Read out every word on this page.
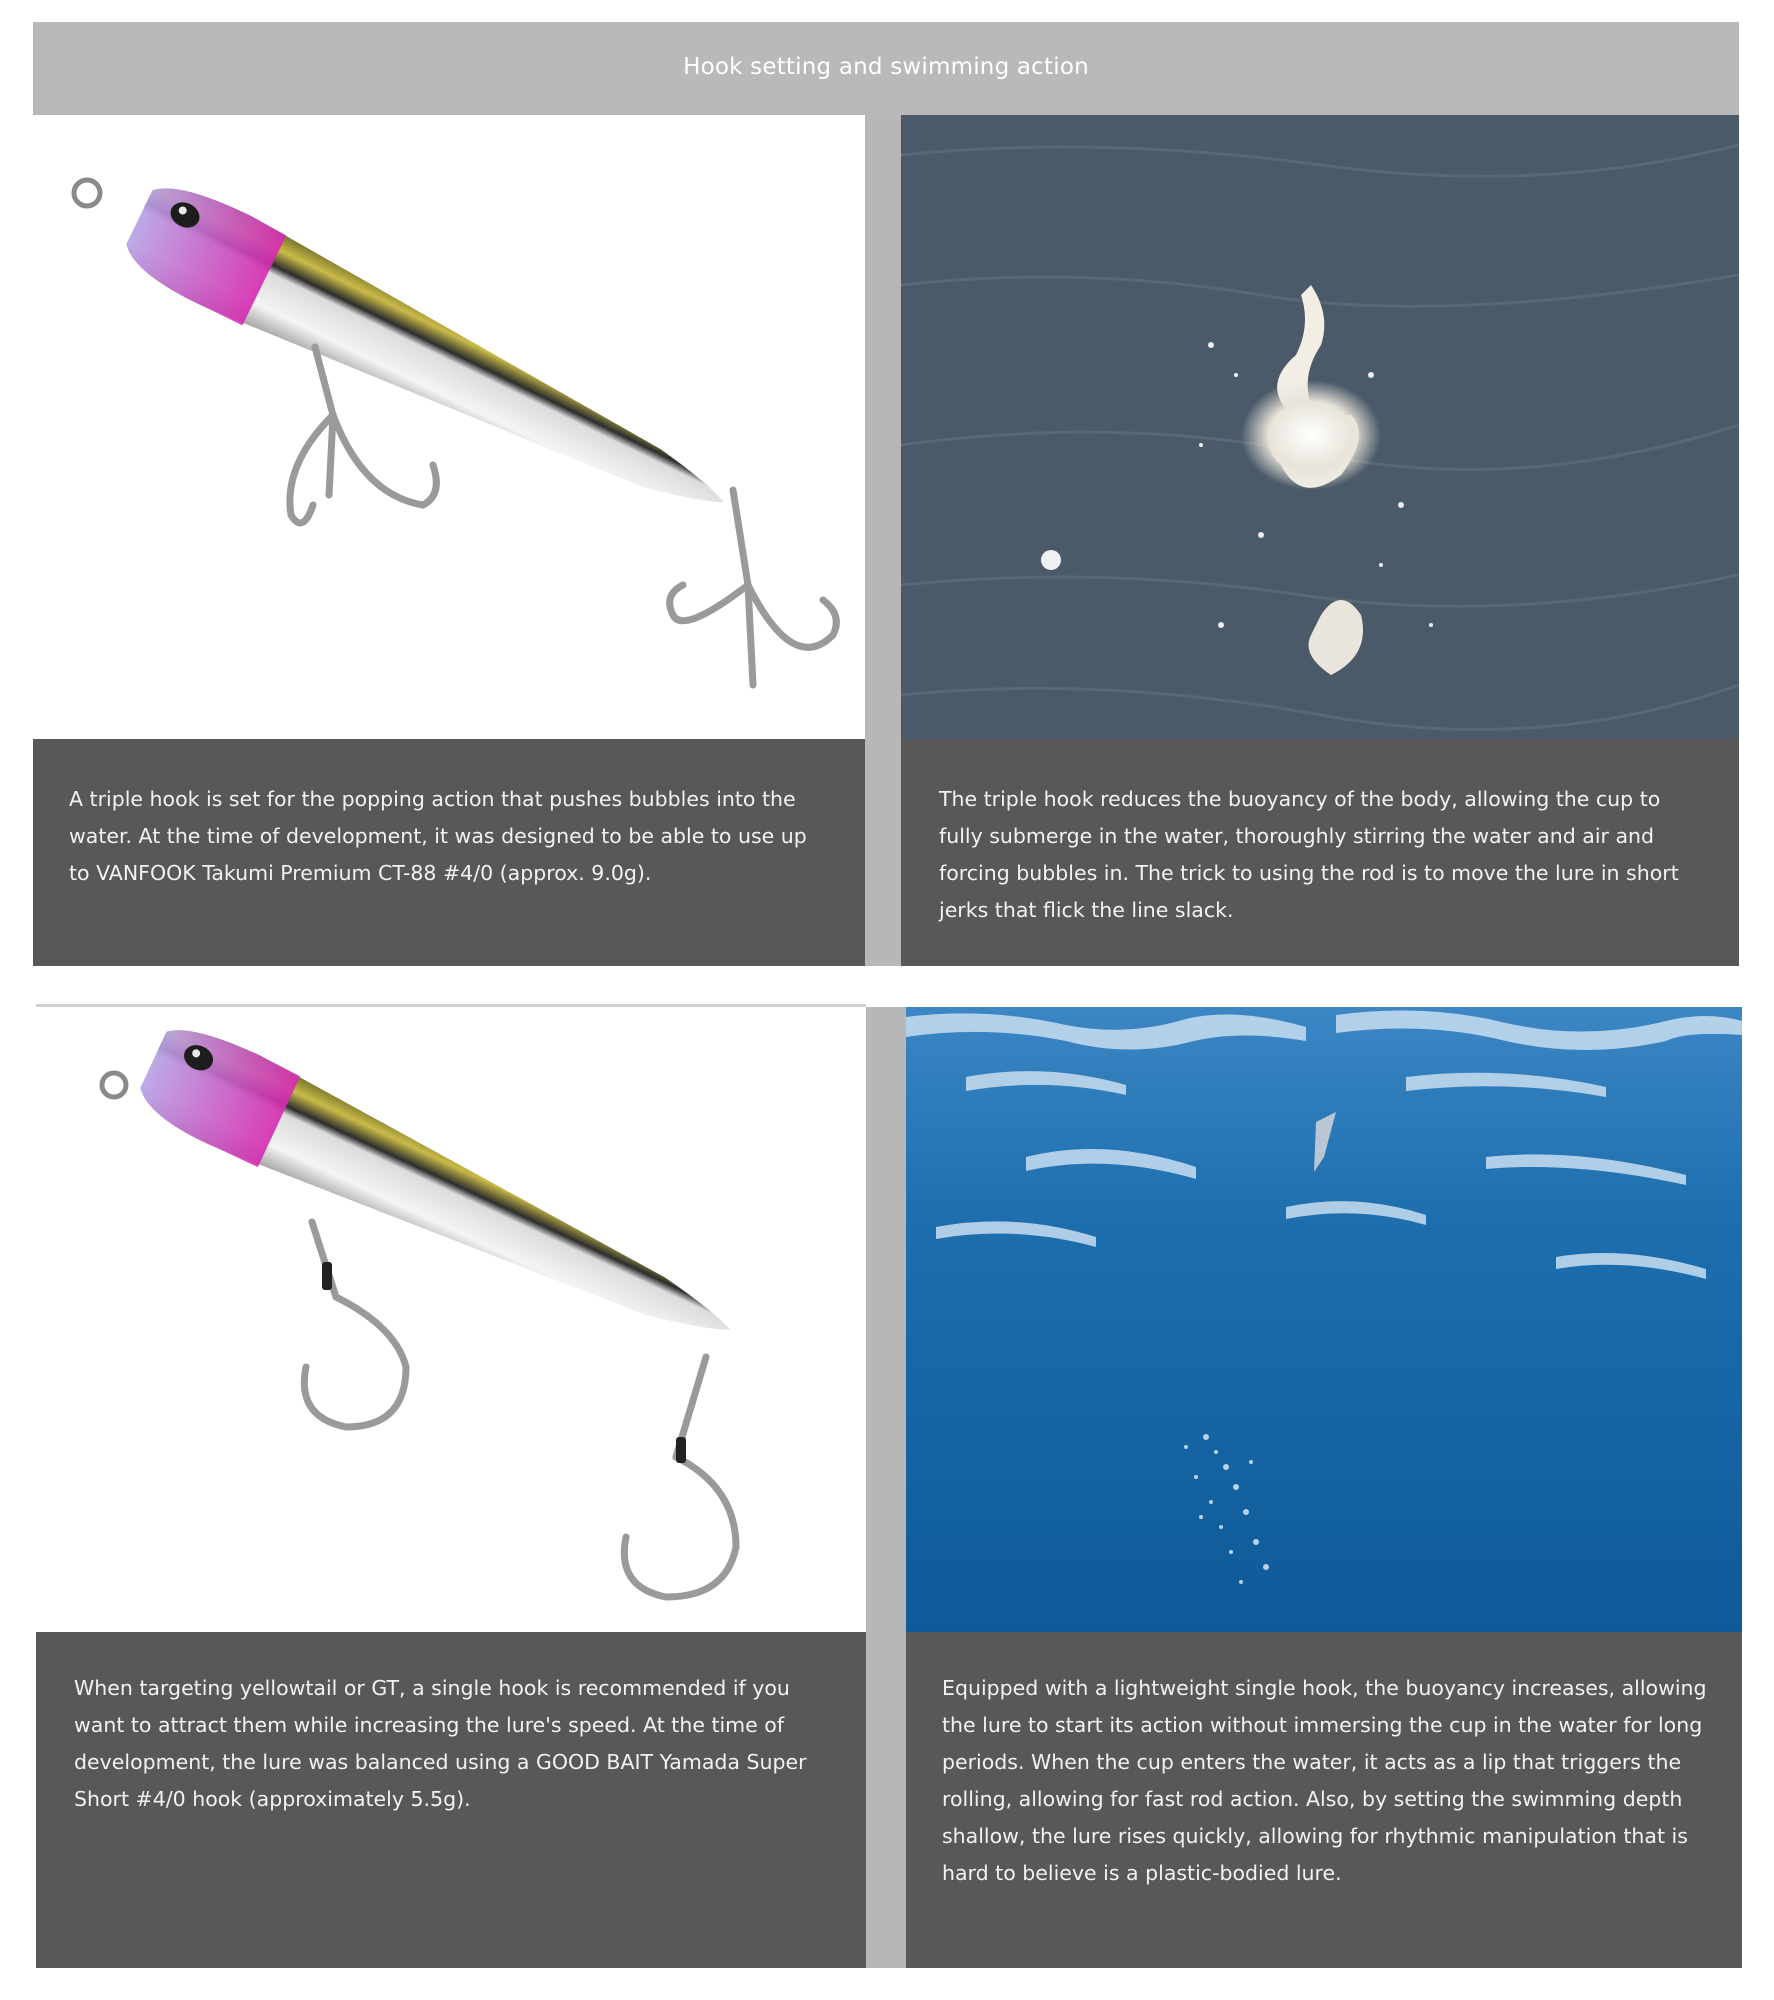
Hook setting and swimming action
A triple hook is set for the popping action that pushes bubbles into the water. At the time of development, it was designed to be able to use up to VANFOOK Takumi Premium CT-88 #4/0 (approx. 9.0g).
The triple hook reduces the buoyancy of the body, allowing the cup to fully submerge in the water, thoroughly stirring the water and air and forcing bubbles in. The trick to using the rod is to move the lure in short jerks that flick the line slack.
When targeting yellowtail or GT, a single hook is recommended if you want to attract them while increasing the lure's speed. At the time of development, the lure was balanced using a GOOD BAIT Yamada Super Short #4/0 hook (approximately 5.5g).
Equipped with a lightweight single hook, the buoyancy increases, allowing the lure to start its action without immersing the cup in the water for long periods. When the cup enters the water, it acts as a lip that triggers the rolling, allowing for fast rod action. Also, by setting the swimming depth shallow, the lure rises quickly, allowing for rhythmic manipulation that is hard to believe is a plastic-bodied lure.
